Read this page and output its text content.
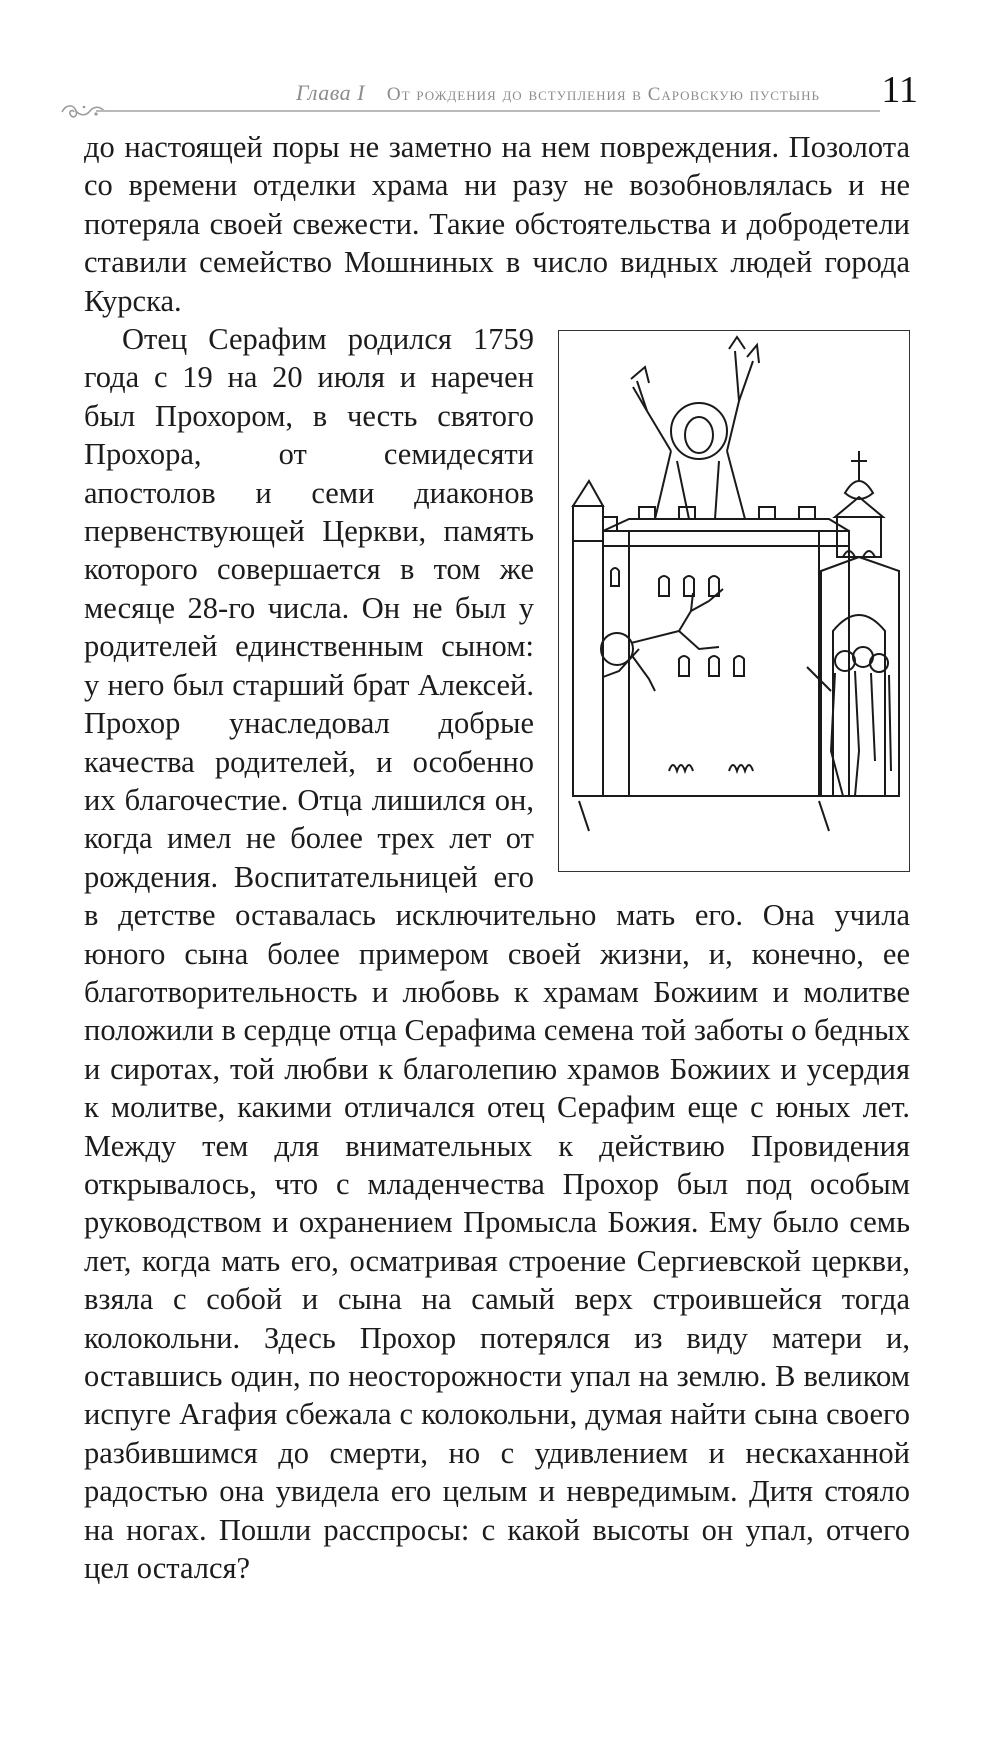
Глава I От рождения до вступления в Саровскую пустынь 11

до настоящей поры не заметно на нем повреждения. Позолота со времени отделки храма ни разу не возобновлялась и не потеряла своей свежести. Такие обстоятельства и добродетели ставили семейство Мошниных в число видных людей города Курска.

Отец Серафим родился 1759 года с 19 на 20 июля и наречен был Прохором, в честь святого Прохора, от семидесяти апостолов и семи диаконов первенствующей Церкви, память которого совершается в том же месяце 28-го числа. Он не был у родителей единственным сыном: у него был старший брат Алексей. Прохор унаследовал добрые качества родителей, и особенно их благочестие. Отца лишился он, когда имел не более трех лет от рождения. Воспитательницей его в детстве оставалась исключительно мать его. Она учила юного сына более примером своей жизни, и, конечно, ее благотворительность и любовь к храмам Божиим и молитве положили в сердце отца Серафима семена той заботы о бедных и сиротах, той любви к благолепию храмов Божиих и усердия к молитве, какими отличался отец Серафим еще с юных лет. Между тем для внимательных к действию Провидения открывалось, что с младенчества Прохор был под особым руководством и охранением Промысла Божия. Ему было семь лет, когда мать его, осматривая строение Сергиевской церкви, взяла с собой и сына на самый верх строившейся тогда колокольни. Здесь Прохор потерялся из виду матери и, оставшись один, по неосторожности упал на землю. В великом испуге Агафия сбежала с колокольни, думая найти сына своего разбившимся до смерти, но с удивлением и нескаханной радостью она увидела его целым и невредимым. Дитя стояло на ногах. Пошли расспросы: с какой высоты он упал, отчего цел остался?
